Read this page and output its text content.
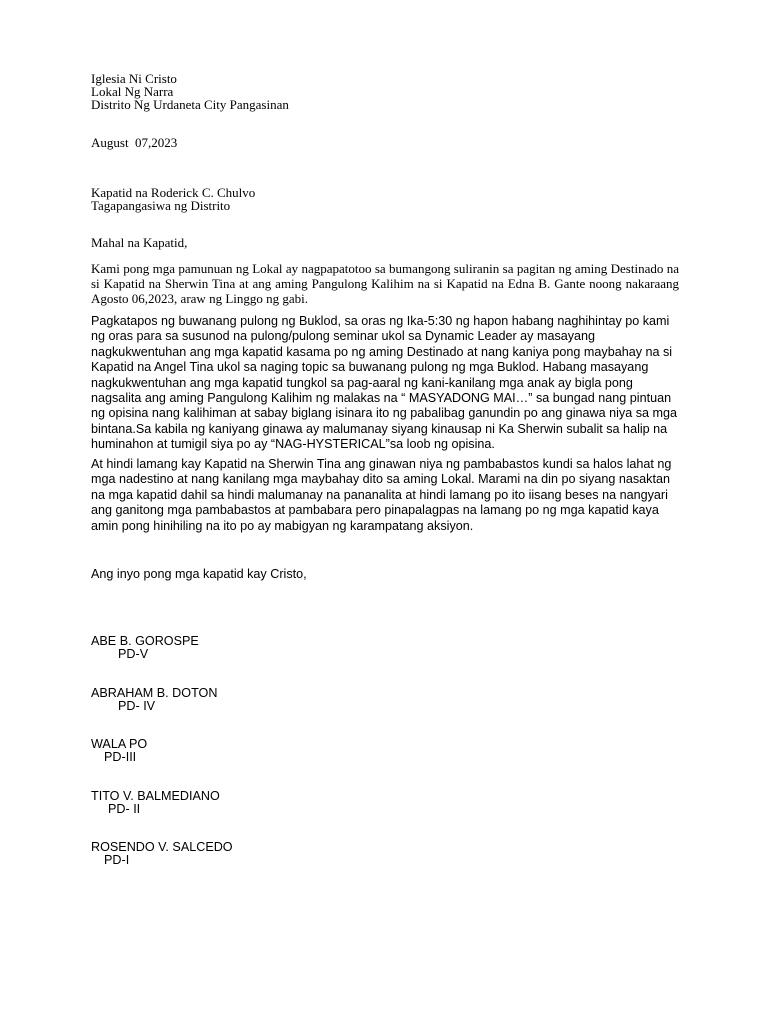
Iglesia Ni Cristo
Lokal Ng Narra
Distrito Ng Urdaneta City Pangasinan
August  07,2023
Kapatid na Roderick C. Chulvo
Tagapangasiwa ng Distrito
Mahal na Kapatid,

Kami pong mga pamunuan ng Lokal ay nagpapatotoo sa bumangong suliranin sa pagitan ng aming Destinado na si Kapatid na Sherwin Tina at ang aming Pangulong Kalihim na si Kapatid na Edna B. Gante noong nakaraang Agosto 06,2023, araw ng Linggo ng gabi.

Pagkatapos ng buwanang pulong ng Buklod, sa oras ng Ika-5:30 ng hapon habang naghihintay po kami ng oras para sa susunod na pulong/pulong seminar ukol sa Dynamic Leader ay masayang nagkukwentuhan ang mga kapatid kasama po ng aming Destinado at nang kaniya pong maybahay na si Kapatid na Angel Tina ukol sa naging topic sa buwanang pulong ng mga Buklod. Habang masayang nagkukwentuhan ang mga kapatid tungkol sa pag-aaral ng kani-kanilang mga anak ay bigla pong nagsalita ang aming Pangulong Kalihim ng malakas na “ MASYADONG MAI…” sa bungad nang pintuan ng opisina nang kalihiman at sabay biglang isinara ito ng pabalibag ganundin po ang ginawa niya sa mga bintana.Sa kabila ng kaniyang ginawa ay malumanay siyang kinausap ni Ka Sherwin subalit sa halip na huminahon at tumigil siya po ay “NAG-HYSTERICAL”sa loob ng opisina.

At hindi lamang kay Kapatid na Sherwin Tina ang ginawan niya ng pambabastos kundi sa halos lahat ng mga nadestino at nang kanilang mga maybahay dito sa aming Lokal. Marami na din po siyang nasaktan na mga kapatid dahil sa hindi malumanay na pananalita at hindi lamang po ito iisang beses na nangyari ang ganitong mga pambabastos at pambabara pero pinapalagpas na lamang po ng mga kapatid kaya amin pong hinihiling na ito po ay mabigyan ng karampatang aksiyon.

Ang inyo pong mga kapatid kay Cristo,
ABE B. GOROSPE
PD-V
ABRAHAM B. DOTON
PD- IV
WALA PO
PD-III
TITO V. BALMEDIANO
PD- II
ROSENDO V. SALCEDO
PD-I
